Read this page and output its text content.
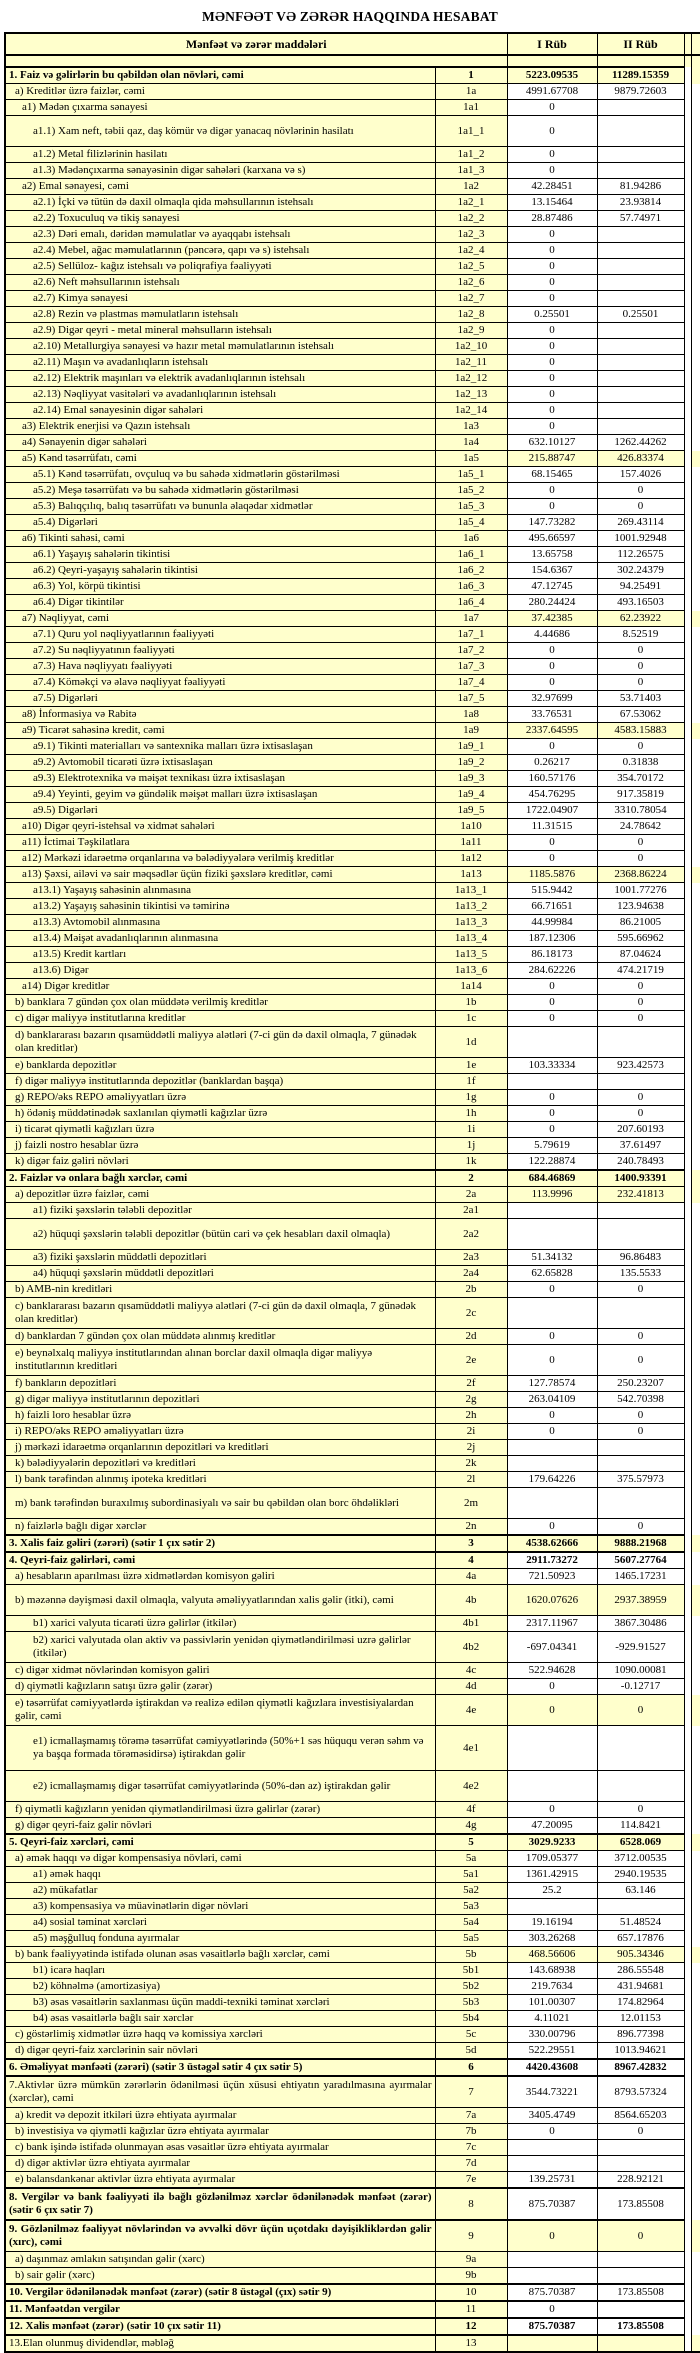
MƏNFƏƏT VƏ ZƏRƏR HAQQINDA HESABAT
Mənfəət və zərər maddələri		I Rüb	II Rüb	

1. Faiz və gəlirlərin bu qəbildən olan növləri, cəmi	1	5223.09535	11289.15359	

a) Kreditlər üzrə faizlər, cəmi	1a	4991.67708	9879.72603	

a1) Mədən çıxarma sənayesi	1a1	0		

a1.1) Xam neft, təbii qaz, daş kömür və digər yanacaq növlərinin hasilatı	1a1_1	0		

a1.2) Metal filizlərinin hasilatı	1a1_2	0		

a1.3) Mədənçıxarma sənayəsinin digər sahələri (karxana və s)	1a1_3	0		

a2) Emal sənayesi, cəmi	1a2	42.28451	81.94286	

a2.1) İçki və tütün də daxil olmaqla qida məhsullarının istehsalı	1a2_1	13.15464	23.93814	

a2.2) Toxuculuq və tikiş sənayesi	1a2_2	28.87486	57.74971	

a2.3) Dəri emalı, dəridən məmulatlar və ayaqqabı istehsalı	1a2_3	0		

a2.4) Mebel, ağac məmulatlarının (pəncərə, qapı və s) istehsalı	1a2_4	0		

a2.5) Sellüloz- kağız istehsalı və poliqrafiya fəaliyyəti	1a2_5	0		

a2.6) Neft məhsullarının istehsalı	1a2_6	0		

a2.7) Kimya sənayesi	1a2_7	0		

a2.8) Rezin və plastmas məmulatların istehsalı	1a2_8	0.25501	0.25501	

a2.9) Digər qeyri - metal mineral məhsulların istehsalı	1a2_9	0		

a2.10) Metallurgiya sənayesi və hazır metal məmulatlarının istehsalı	1a2_10	0		

a2.11) Maşın və avadanlıqların istehsalı	1a2_11	0		

a2.12) Elektrik maşınları və elektrik avadanlıqlarının istehsalı	1a2_12	0		

a2.13) Nəqliyyat vasitələri və avadanlıqlarının istehsalı	1a2_13	0		

a2.14) Emal sənayesinin digər sahələri	1a2_14	0		

a3) Elektrik enerjisi və Qazın istehsalı	1a3	0		

a4) Sənayenin digər sahələri	1a4	632.10127	1262.44262	

a5) Kənd təsərrüfatı, cəmi	1a5	215.88747	426.83374	

a5.1) Kənd təsərrüfatı, ovçuluq və bu sahədə xidmətlərin göstərilməsi	1a5_1	68.15465	157.4026	

a5.2) Meşə təsərrüfatı və bu sahədə xidmətlərin göstərilməsi	1a5_2	0	0	

a5.3) Balıqçılıq, balıq təsərrüfatı və bununla əlaqədar xidmətlər	1a5_3	0	0	

a5.4) Digərləri	1a5_4	147.73282	269.43114	

a6) Tikinti sahəsi, cəmi	1a6	495.66597	1001.92948	

a6.1) Yaşayış sahələrin tikintisi	1a6_1	13.65758	112.26575	

a6.2) Qeyri-yaşayış sahələrin tikintisi	1a6_2	154.6367	302.24379	

a6.3) Yol, körpü tikintisi	1a6_3	47.12745	94.25491	

a6.4) Digər tikintilər	1a6_4	280.24424	493.16503	

a7) Nəqliyyat, cəmi	1a7	37.42385	62.23922	

a7.1) Quru yol nəqliyyatlarının fəaliyyəti	1a7_1	4.44686	8.52519	

a7.2) Su nəqliyyatının fəaliyyəti	1a7_2	0	0	

a7.3) Hava nəqliyyatı fəaliyyəti	1a7_3	0	0	

a7.4) Köməkçi və əlavə nəqliyyat fəaliyyəti	1a7_4	0	0	

a7.5) Digərləri	1a7_5	32.97699	53.71403	

a8) İnformasiya və Rabitə	1a8	33.76531	67.53062	

a9) Ticarət sahəsinə kredit, cəmi	1a9	2337.64595	4583.15883	

a9.1) Tikinti materialları və santexnika malları üzrə ixtisaslaşan	1a9_1	0	0	

a9.2) Avtomobil ticarəti üzrə ixtisaslaşan	1a9_2	0.26217	0.31838	

a9.3) Elektrotexnika və məişət texnikası üzrə ixtisaslaşan	1a9_3	160.57176	354.70172	

a9.4) Yeyinti, geyim və gündəlik məişət malları üzrə ixtisaslaşan	1a9_4	454.76295	917.35819	

a9.5) Digərləri	1a9_5	1722.04907	3310.78054	

a10) Digər qeyri-istehsal və xidmət sahələri	1a10	11.31515	24.78642	

a11) İctimai Təşkilatlara	1a11	0	0	

a12) Mərkəzi idarəetmə orqanlarına və bələdiyyələrə verilmiş kreditlər	1a12	0	0	

a13) Şəxsi, ailəvi və sair məqsədlər üçün fiziki şəxslərə kreditlər, cəmi	1a13	1185.5876	2368.86224	

a13.1) Yaşayış sahəsinin alınmasına	1a13_1	515.9442	1001.77276	

a13.2) Yaşayış sahəsinin tikintisi və təmirinə	1a13_2	66.71651	123.94638	

a13.3) Avtomobil alınmasına	1a13_3	44.99984	86.21005	

a13.4) Məişət avadanlıqlarının alınmasına	1a13_4	187.12306	595.66962	

a13.5) Kredit kartları	1a13_5	86.18173	87.04624	

a13.6) Digər	1a13_6	284.62226	474.21719	

a14) Digər kreditlər	1a14	0	0	

b) banklara 7 gündən çox olan müddətə verilmiş kreditlər	1b	0	0	

c) digər maliyyə institutlarına kreditlər	1c	0	0	

d) banklararası bazarın qısamüddətli maliyyə alətləri (7-ci gün də daxil olmaqla, 7 günədək olan kreditlər)	1d			

e) banklarda depozitlər	1e	103.33334	923.42573	

f) digər maliyyə institutlarında depozitlər (banklardan başqa)	1f			

g) REPO/əks REPO əməliyyatları üzrə	1g	0	0	

h) ödəniş müddətinədək saxlanılan qiymətli kağızlar üzrə	1h	0	0	

i) ticarət qiymətli kağızları üzrə	1i	0	207.60193	

j) faizli nostro hesablar üzrə	1j	5.79619	37.61497	

k) digər faiz gəliri növləri	1k	122.28874	240.78493	

2. Faizlər və onlara bağlı xərclər, cəmi	2	684.46869	1400.93391	

a) depozitlər üzrə faizlər, cəmi	2a	113.9996	232.41813	

a1) fiziki şəxslərin tələbli depozitlər	2a1			

a2) hüquqi şəxslərin tələbli depozitlər (bütün cari və çek hesabları daxil olmaqla)	2a2			

a3) fiziki şəxslərin müddətli depozitləri	2a3	51.34132	96.86483	

a4) hüquqi şəxslərin müddətli depozitləri	2a4	62.65828	135.5533	

b) AMB-nin kreditləri	2b	0	0	

c) banklararası bazarın qısamüddətli maliyyə alətləri (7-ci gün də daxil olmaqla, 7 günədək olan kreditlər)	2c			

d) banklardan 7 gündən çox olan müddətə alınmış kreditlər	2d	0	0	

e) beynəlxalq maliyyə institutlarından alınan borclar daxil olmaqla digər maliyyə institutlarının kreditləri	2e	0	0	

f) bankların depozitləri	2f	127.78574	250.23207	

g) digər maliyyə institutlarının depozitləri	2g	263.04109	542.70398	

h) faizli loro hesablar üzrə	2h	0	0	

i) REPO/əks REPO əməliyyatları üzrə	2i	0	0	

j) mərkəzi idarəetmə orqanlarının depozitləri və kreditləri	2j			

k) bələdiyyələrin depozitləri və kreditləri	2k			

l) bank tərəfindən alınmış ipoteka kreditləri	2l	179.64226	375.57973	

m) bank tərəfindən buraxılmış subordinasiyalı və sair bu qəbildən olan borc öhdəlikləri	2m			

n) faizlərlə bağlı digər xərclər	2n	0	0	

3. Xalis faiz gəliri (zərəri) (sətir 1 çıx sətir 2)	3	4538.62666	9888.21968	

4. Qeyri-faiz gəlirləri, cəmi	4	2911.73272	5607.27764	

a) hesabların aparılması üzrə xidmətlərdən komisyon gəliri	4a	721.50923	1465.17231	

b) məzənnə dəyişməsi daxil olmaqla, valyuta əməliyyatlarından xalis gəlir (itki), cəmi	4b	1620.07626	2937.38959	

b1) xarici valyuta ticarəti üzrə gəlirlər (itkilər)	4b1	2317.11967	3867.30486	

b2) xarici valyutada olan aktiv və passivlərin yenidən qiymətləndirilməsi uzrə gəlirlər (itkilər)	4b2	-697.04341	-929.91527	

c) digər xidmət növlərindən komisyon gəliri	4c	522.94628	1090.00081	

d) qiymətli kağızların satışı üzrə gəlir (zərər)	4d	0	-0.12717	

e) təsərrüfat cəmiyyətlərdə iştirakdan və realizə edilən qiymətli kağızlara investisiyalardan gəlir, cəmi	4e	0	0	

e1) icmallaşmamış törəmə təsərrüfat cəmiyyətlərində (50%+1 səs hüququ verən səhm və ya başqa formada törəməsidirsə) iştirakdan gəlir	4e1			

e2) icmallaşmamış digər təsərrüfat cəmiyyətlərində (50%-dən az) iştirakdan gəlir	4e2			

f) qiymətli kağızların yenidən qiymətləndirilməsi üzrə gəlirlər (zərər)	4f	0	0	

g) digər qeyri-faiz gəlir növləri	4g	47.20095	114.8421	

5. Qeyri-faiz xərcləri, cəmi	5	3029.9233	6528.069	

a) əmək haqqı və digər kompensasiya növləri, cəmi	5a	1709.05377	3712.00535	

a1) əmək haqqı	5a1	1361.42915	2940.19535	

a2) mükafatlar	5a2	25.2	63.146	

a3) kompensasiya və müavinətlərin digər növləri	5a3			

a4) sosial təminat xərcləri	5a4	19.16194	51.48524	

a5) məşğulluq fonduna ayırmalar	5a5	303.26268	657.17876	

b) bank fəaliyyətində istifadə olunan əsas vəsaitlərlə bağlı xərclər, cəmi	5b	468.56606	905.34346	

b1) icarə haqları	5b1	143.68938	286.55548	

b2) köhnəlmə (amortizasiya)	5b2	219.7634	431.94681	

b3) əsas vəsaitlərin saxlanması üçün maddi-texniki təminat xərcləri	5b3	101.00307	174.82964	

b4) əsas vəsaitlərlə bağlı sair xərclər	5b4	4.11021	12.01153	

c) göstərlimiş xidmətlər üzrə haqq və komissiya xərcləri	5c	330.00796	896.77398	

d) digər qeyri-faiz xərclərinin sair növləri	5d	522.29551	1013.94621	

6. Əməliyyat mənfəəti (zərəri) (sətir 3 üstəgəl sətir 4 çıx sətir 5)	6	4420.43608	8967.42832	

7.Aktivlər üzrə mümkün zərərlərin ödənilməsi üçün xüsusi ehtiyatın yaradılmasına ayırmalar (xərclər), cəmi	7	3544.73221	8793.57324	

a) kredit və depozit itkiləri üzrə ehtiyata ayırmalar	7a	3405.4749	8564.65203	

b) investisiya və qiymətli kağızlar üzrə ehtiyata ayırmalar	7b	0	0	

c) bank işində istifadə olunmayan əsas vəsaitlər üzrə ehtiyata ayırmalar	7c			

d) digər aktivlər üzrə ehtiyata ayırmalar	7d			

e) balansdankənar aktivlər üzrə ehtiyata ayırmalar	7e	139.25731	228.92121	

8. Vergilər və bank fəaliyyəti ilə bağlı gözlənilməz xərclər ödənilənədək mənfəət (zərər) (sətir 6 çıx sətir 7)	8	875.70387	173.85508	

9. Gözlənilməz fəaliyyət növlərindən və əvvəlki dövr üçün uçotdakı dəyişikliklərdən gəlir (xırc), cəmi	9	0	0	

a) daşınmaz əmlakın satışından gəlir (xərc)	9a			

b) sair gəlir (xərc)	9b			

10. Vergilər ödənilənədək mənfəət (zərər) (sətir 8 üstəgəl (çıx) sətir 9)	10	875.70387	173.85508	

11. Mənfəətdən vergilər	11	0		

12. Xalis mənfəət (zərər) (sətir 10 çıx sətir 11)	12	875.70387	173.85508	

13.Elan olunmuş dividendlər, məbləğ	13			
